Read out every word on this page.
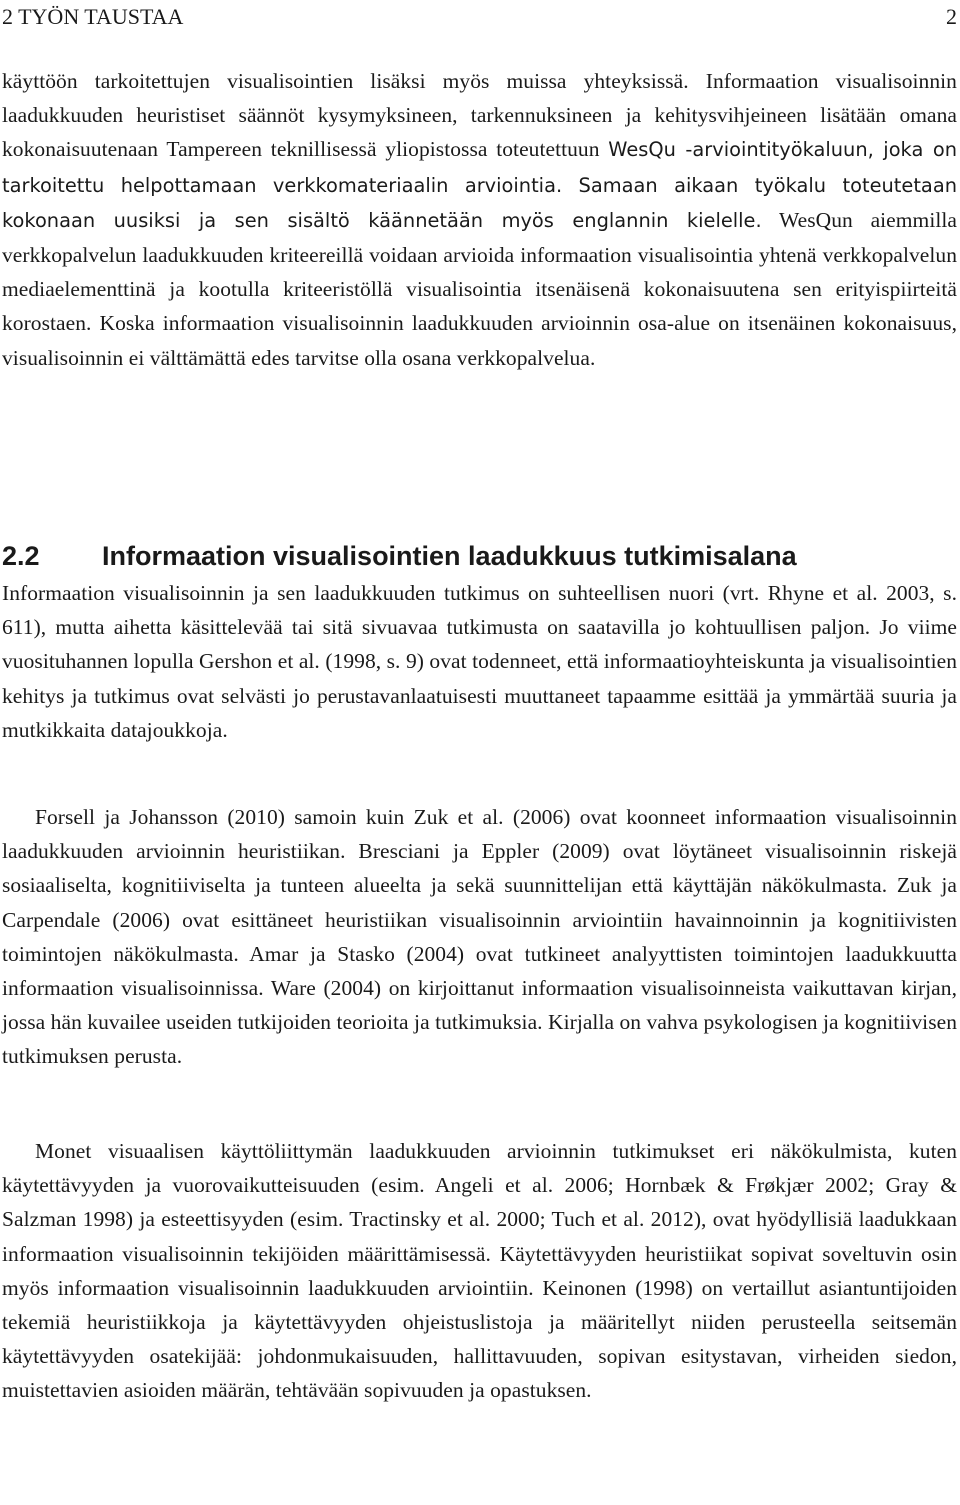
2 TYÖN TAUSTAA	2

käyttöön tarkoitettujen visualisointien lisäksi myös muissa yhteyksissä. Informaation visualisoinnin laadukkuuden heuristiset säännöt kysymyksineen, tarkennuksineen ja kehitysvihjeineen lisätään omana kokonaisuutenaan Tampereen teknillisessä yliopistossa toteutettuun WesQu -arviointityökaluun, joka on tarkoitettu helpottamaan verkkomateriaalin arviointia. Samaan aikaan työkalu toteutetaan kokonaan uusiksi ja sen sisältö käännetään myös englannin kielelle. WesQun aiemmilla verkkopalvelun laadukkuuden kriteereillä voidaan arvioida informaation visualisointia yhtenä verkkopalvelun mediaelementtinä ja kootulla kriteeristöllä visualisointia itsenäisenä kokonaisuutena sen erityispiirteitä korostaen. Koska informaation visualisoinnin laadukkuuden arvioinnin osa-alue on itsenäinen kokonaisuus, visualisoinnin ei välttämättä edes tarvitse olla osana verkkopalvelua.

2.2 Informaation visualisointien laadukkuus tutkimisalana

Informaation visualisoinnin ja sen laadukkuuden tutkimus on suhteellisen nuori (vrt. Rhyne et al. 2003, s. 611), mutta aihetta käsittelevää tai sitä sivuavaa tutkimusta on saatavilla jo kohtuullisen paljon. Jo viime vuosituhannen lopulla Gershon et al. (1998, s. 9) ovat todenneet, että informaatioyhteiskunta ja visualisointien kehitys ja tutkimus ovat selvästi jo perustavanlaatuisesti muuttaneet tapaamme esittää ja ymmärtää suuria ja mutkikkaita datajoukkoja.

Forsell ja Johansson (2010) samoin kuin Zuk et al. (2006) ovat koonneet informaation visualisoinnin laadukkuuden arvioinnin heuristiikan. Bresciani ja Eppler (2009) ovat löytäneet visualisoinnin riskejä sosiaaliselta, kognitiiviselta ja tunteen alueelta ja sekä suunnittelijan että käyttäjän näkökulmasta. Zuk ja Carpendale (2006) ovat esittäneet heuristiikan visualisoinnin arviointiin havainnoinnin ja kognitiivisten toimintojen näkökulmasta. Amar ja Stasko (2004) ovat tutkineet analyyttisten toimintojen laadukkuutta informaation visualisoinnissa. Ware (2004) on kirjoittanut informaation visualisoinneista vaikuttavan kirjan, jossa hän kuvailee useiden tutkijoiden teorioita ja tutkimuksia. Kirjalla on vahva psykologisen ja kognitiivisen tutkimuksen perusta.

Monet visuaalisen käyttöliittymän laadukkuuden arvioinnin tutkimukset eri näkökulmista, kuten käytettävyyden ja vuorovaikutteisuuden (esim. Angeli et al. 2006; Hornbæk & Frøkjær 2002; Gray & Salzman 1998) ja esteettisyyden (esim. Tractinsky et al. 2000; Tuch et al. 2012), ovat hyödyllisiä laadukkaan informaation visualisoinnin tekijöiden määrittämisessä. Käytettävyyden heuristiikat sopivat soveltuvin osin myös informaation visualisoinnin laadukkuuden arviointiin. Keinonen (1998) on vertaillut asiantuntijoiden tekemiä heuristiikkoja ja käytettävyyden ohjeistuslistoja ja määritellyt niiden perusteella seitsemän käytettävyyden osatekijää: johdonmukaisuuden, hallittavuuden, sopivan esitystavan, virheiden siedon, muistettavien asioiden määrän, tehtävään sopivuuden ja opastuksen.
